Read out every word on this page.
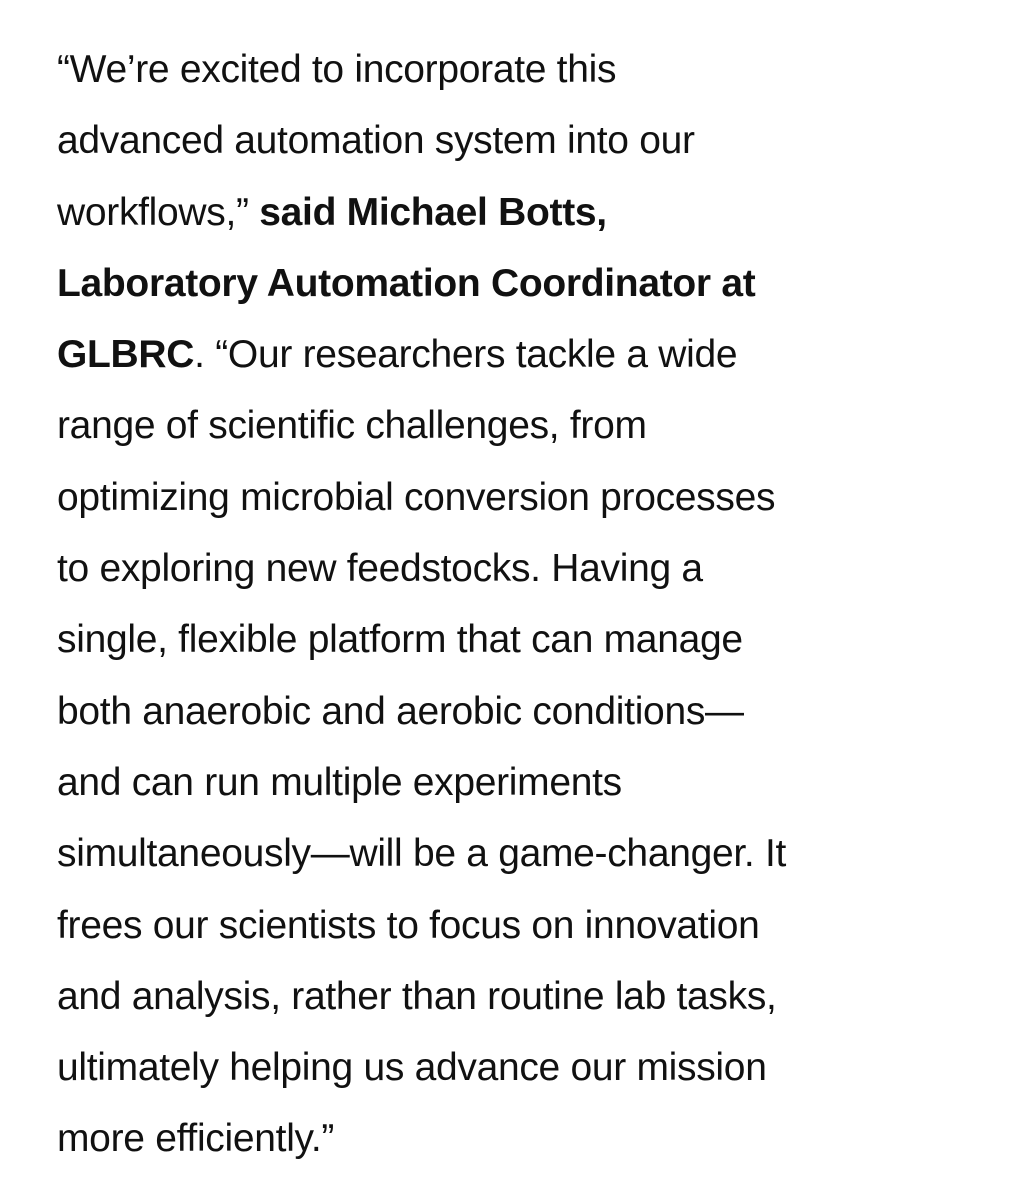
“We’re excited to incorporate this
advanced automation system into our
workflows,” said Michael Botts,
Laboratory Automation Coordinator at
GLBRC. “Our researchers tackle a wide
range of scientific challenges, from
optimizing microbial conversion processes
to exploring new feedstocks. Having a
single, flexible platform that can manage
both anaerobic and aerobic conditions—
and can run multiple experiments
simultaneously—will be a game-changer. It
frees our scientists to focus on innovation
and analysis, rather than routine lab tasks,
ultimately helping us advance our mission
more efficiently.”
